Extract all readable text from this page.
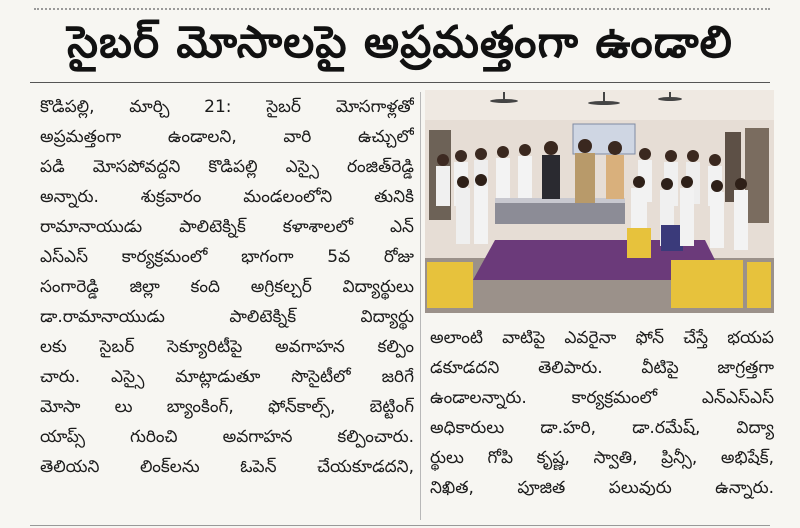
సైబర్ మోసాలపై అప్రమత్తంగా ఉండాలి
కొడిపల్లి, మార్చి 21: సైబర్ మోసగాళ్లతో
అప్రమత్తంగా ఉండాలని, వారి ఉచ్చులో
పడి మోసపోవద్దని కొడిపల్లి ఎస్సై రంజిత్‌రెడ్డి
అన్నారు. శుక్రవారం మండలంలోని తునికి
రామానాయుడు పాలిటెక్నిక్ కళాశాలలో ఎన్
ఎస్ఎస్ కార్యక్రమంలో భాగంగా 5వ రోజు
సంగారెడ్డి జిల్లా కంది అగ్రికల్చర్ విద్యార్థులు
డా.రామానాయుడు పాలిటెక్నిక్ విద్యార్థు
లకు సైబర్ సెక్యూరిటీపై అవగాహన కల్పిం
చారు. ఎస్సై మాట్లాడుతూ సొసైటీలో జరిగే
మోసా లు బ్యాంకింగ్, ఫోన్‌కాల్స్, బెట్టింగ్
యాప్స్ గురించి అవగాహన కల్పించారు.
తెలియని లింక్‌లను ఓపెన్ చేయకూడదని,
అలాంటి వాటిపై ఎవరైనా ఫోన్ చేస్తే భయప
డకూడదని తెలిపారు. వీటిపై జాగ్రత్తగా
ఉండాలన్నారు. కార్యక్రమంలో ఎన్‌ఎస్‌ఎస్
అధికారులు డా.హరి, డా.రమేష్, విద్యా
ర్థులు గోపి కృష్ణ, స్వాతి, ప్రిన్సీ, అభిషేక్,
నిఖిత, పూజిత పలువురు ఉన్నారు.
